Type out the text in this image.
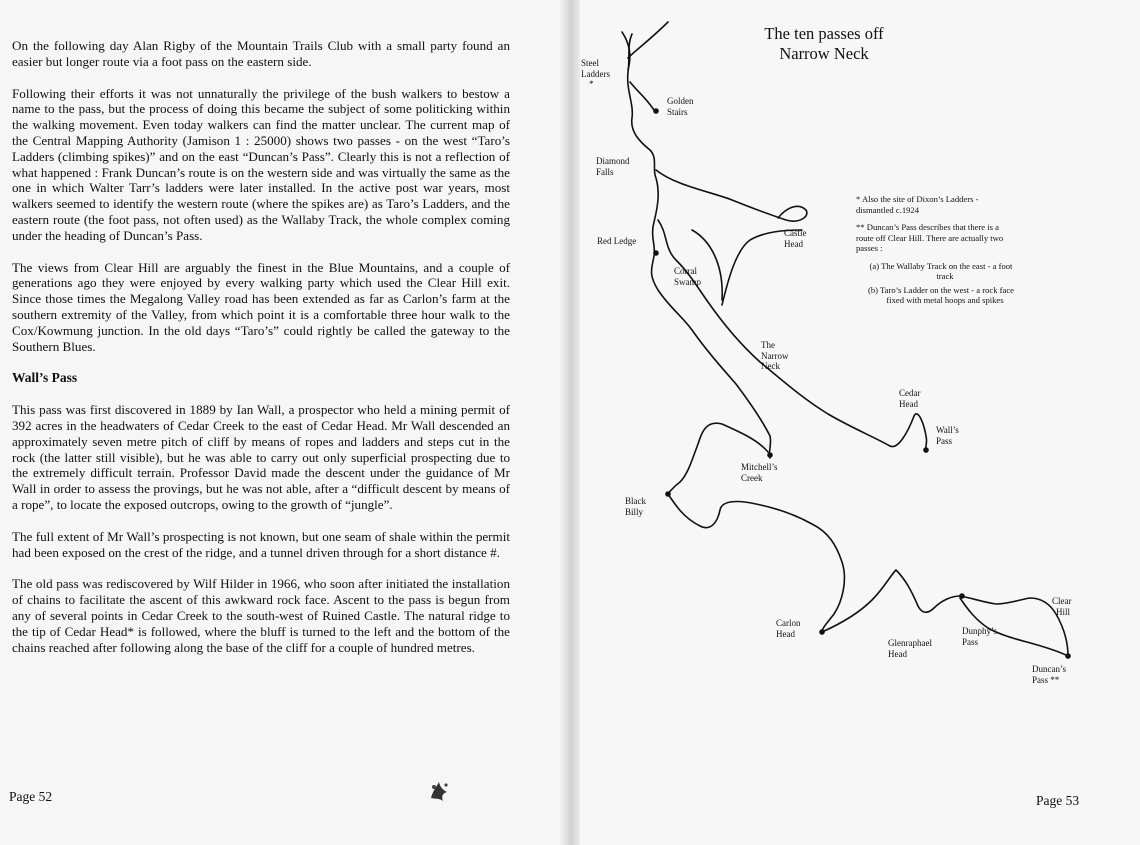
On the following day Alan Rigby of the Mountain Trails Club with a small party found an easier but longer route via a foot pass on the eastern side.

Following their efforts it was not unnaturally the privilege of the bush walkers to bestow a name to the pass, but the process of doing this became the subject of some politicking within the walking movement. Even today walkers can find the matter unclear. The current map of the Central Mapping Authority (Jamison 1 : 25000) shows two passes - on the west “Taro’s Ladders (climbing spikes)” and on the east “Duncan’s Pass”. Clearly this is not a reflection of what happened : Frank Duncan’s route is on the western side and was virtually the same as the one in which Walter Tarr’s ladders were later installed. In the active post war years, most walkers seemed to identify the western route (where the spikes are) as Taro’s Ladders, and the eastern route (the foot pass, not often used) as the Wallaby Track, the whole complex coming under the heading of Duncan’s Pass.

The views from Clear Hill are arguably the finest in the Blue Mountains, and a couple of generations ago they were enjoyed by every walking party which used the Clear Hill exit. Since those times the Megalong Valley road has been extended as far as Carlon’s farm at the southern extremity of the Valley, from which point it is a comfortable three hour walk to the Cox/Kowmung junction. In the old days “Taro’s” could rightly be called the gateway to the Southern Blues.

Wall’s Pass

This pass was first discovered in 1889 by Ian Wall, a prospector who held a mining permit of 392 acres in the headwaters of Cedar Creek to the east of Cedar Head. Mr Wall descended an approximately seven metre pitch of cliff by means of ropes and ladders and steps cut in the rock (the latter still visible), but he was able to carry out only superficial prospecting due to the extremely difficult terrain. Professor David made the descent under the guidance of Mr Wall in order to assess the provings, but he was not able, after a “difficult descent by means of a rope”, to locate the exposed outcrops, owing to the growth of “jungle”.

The full extent of Mr Wall’s prospecting is not known, but one seam of shale within the permit had been exposed on the crest of the ridge, and a tunnel driven through for a short distance #.

The old pass was rediscovered by Wilf Hilder in 1966, who soon after initiated the installation of chains to facilitate the ascent of this awkward rock face. Ascent to the pass is begun from any of several points in Cedar Creek to the south-west of Ruined Castle. The natural ridge to the tip of Cedar Head* is followed, where the bluff is turned to the left and the bottom of the chains reached after following along the base of the cliff for a couple of hundred metres.

Page 52
The ten passes off
Narrow Neck
Steel
Ladders
*
Golden
Stairs
Diamond
Falls
Castle
Head
Red Ledge
Corral
Swamp
The
Narrow
Neck
Cedar
Head
Wall’s
Pass
Mitchell’s
Creek
Black
Billy
Carlon
Head
Glenraphael
Head
Dunphy’s
Pass
Clear
Hill
Duncan’s
Pass **

* Also the site of Dixon’s Ladders - dismantled c.1924

** Duncan’s Pass describes that there is a route off Clear Hill. There are actually two passes :

(a) The Wallaby Track on the east - a foot track

(b) Taro’s Ladder on the west - a rock face fixed with metal hoops and spikes

Page 53
